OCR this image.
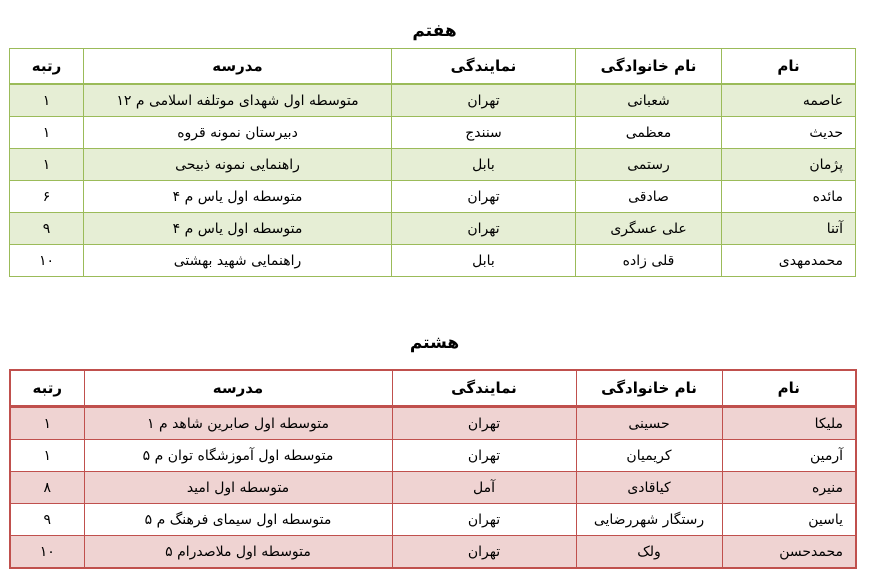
هفتم
نام	نام خانوادگی	نمایندگی	مدرسه	رتبه
عاصمه	شعبانی	تهران	متوسطه اول شهدای موتلفه اسلامی م ۱۲	۱
حدیث	معظمی	سنندج	دبیرستان نمونه قروه	۱
پژمان	رستمی	بابل	راهنمایی نمونه ذبیحی	۱
مائده	صادقی	تهران	متوسطه اول یاس م ۴	۶
آتنا	علی عسگری	تهران	متوسطه اول یاس م ۴	۹
محمدمهدی	قلی زاده	بابل	راهنمایی شهید بهشتی	۱۰
هشتم
نام	نام خانوادگی	نمایندگی	مدرسه	رتبه
ملیکا	حسینی	تهران	متوسطه اول صابرین شاهد م ۱	۱
آرمین	کریمیان	تهران	متوسطه اول آموزشگاه توان م ۵	۱
منیره	کیاقادی	آمل	متوسطه اول امید	۸
یاسین	رستگار شهررضایی	تهران	متوسطه اول سیمای فرهنگ م ۵	۹
محمدحسن	ولک	تهران	متوسطه اول ملاصدرام ۵	۱۰
